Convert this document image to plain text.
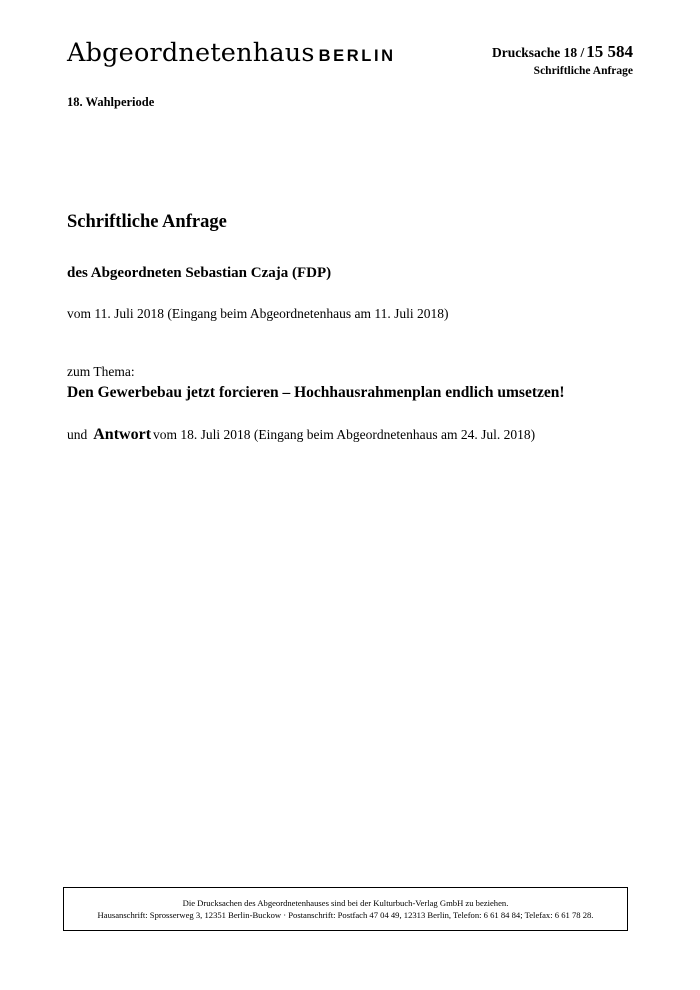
Abgeordnetenhaus BERLIN	Drucksache 18 / 15 584
Schriftliche Anfrage
18. Wahlperiode
Schriftliche Anfrage
des Abgeordneten Sebastian Czaja (FDP)
vom 11. Juli 2018 (Eingang beim Abgeordnetenhaus am 11. Juli 2018)
zum Thema:
Den Gewerbebau jetzt forcieren – Hochhausrahmenplan endlich umsetzen!
und Antwort vom 18. Juli 2018 (Eingang beim Abgeordnetenhaus am 24. Jul. 2018)
Die Drucksachen des Abgeordnetenhauses sind bei der Kulturbuch-Verlag GmbH zu beziehen.
Hausanschrift: Sprosserweg 3, 12351 Berlin-Buckow · Postanschrift: Postfach 47 04 49, 12313 Berlin, Telefon: 6 61 84 84; Telefax: 6 61 78 28.
